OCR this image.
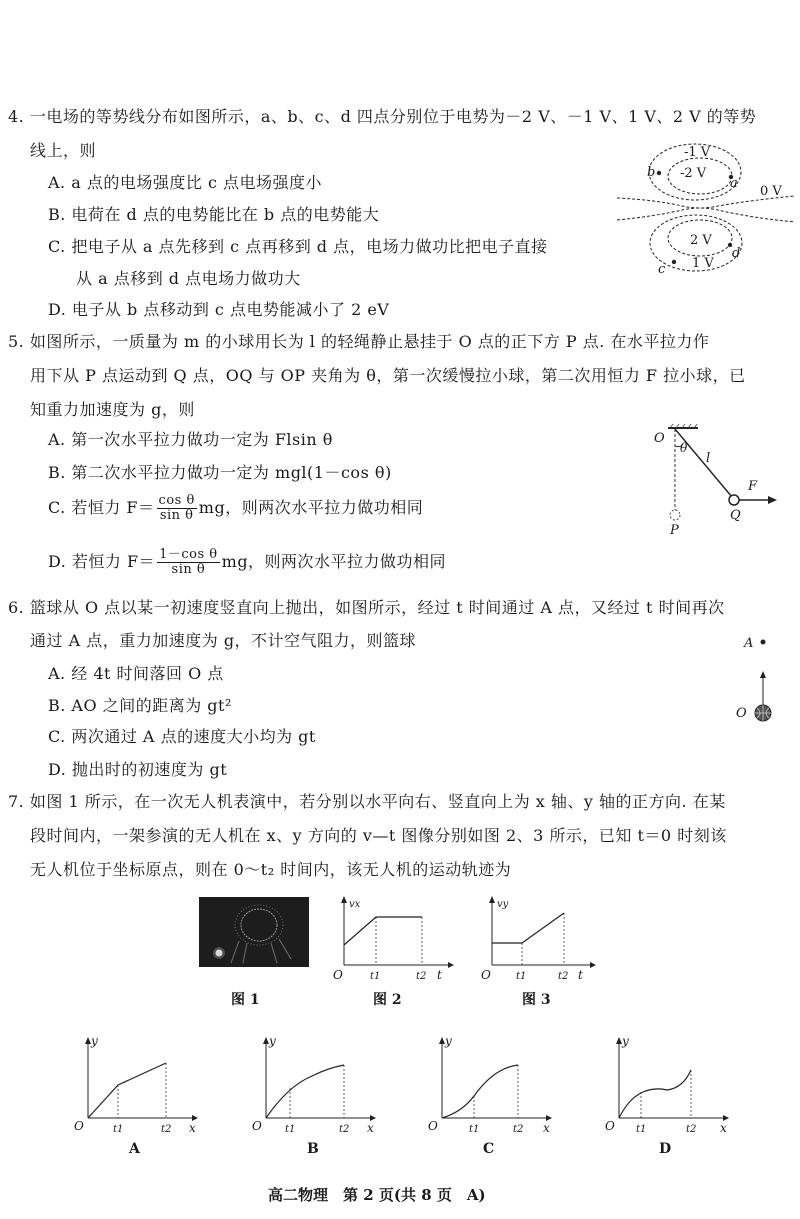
4. 一电场的等势线分布如图所示，a、b、c、d 四点分别位于电势为－2 V、－1 V、1 V、2 V 的等势
线上，则
A. a 点的电场强度比 c 点电场强度小
B. 电荷在 d 点的电势能比在 b 点的电势能大
C. 把电子从 a 点先移到 c 点再移到 d 点，电场力做功比把电子直接
从 a 点移到 d 点电场力做功大
D. 电子从 b 点移动到 c 点电势能减小了 2 eV
-1 V
-2 V
0 V
2 V
1 V
b
a
d
c
5. 如图所示，一质量为 m 的小球用长为 l 的轻绳静止悬挂于 O 点的正下方 P 点. 在水平拉力作
用下从 P 点运动到 Q 点，OQ 与 OP 夹角为 θ，第一次缓慢拉小球，第二次用恒力 F 拉小球，已
知重力加速度为 g，则
A. 第一次水平拉力做功一定为 Flsin θ
B. 第二次水平拉力做功一定为 mgl(1－cos θ)
C. 若恒力 $F= \frac{\text{cos θ}}{\text{sin θ}}$ mg，则两次水平拉力做功相同
D. 若恒力 $F= \frac{\text{1－cos θ}}{\text{sin θ}}$ mg，则两次水平拉力做功相同
O
θ
l
F
Q
P
6. 篮球从 O 点以某一初速度竖直向上抛出，如图所示，经过 t 时间通过 A 点，又经过 t 时间再次
通过 A 点，重力加速度为 g，不计空气阻力，则篮球
A. 经 4t 时间落回 O 点
B. AO 之间的距离为 gt²
C. 两次通过 A 点的速度大小均为 gt
D. 抛出时的初速度为 gt
A
O
7. 如图 1 所示，在一次无人机表演中，若分别以水平向右、竖直向上为 x 轴、y 轴的正方向. 在某
段时间内，一架参演的无人机在 x、y 方向的 v—t 图像分别如图 2、3 所示，已知 t＝0 时刻该
无人机位于坐标原点，则在 0～t₂ 时间内，该无人机的运动轨迹为
图 1
vx
O	t1	t2 t
图 2
vy
O	t1	t2 t
图 3
y
O	x
t1	t2
A
y
O	x
t1	t2
B
y
O	x
t1	t2
C
y
O	x
t1	t2
D
高二物理　第 2 页(共 8 页　A)
